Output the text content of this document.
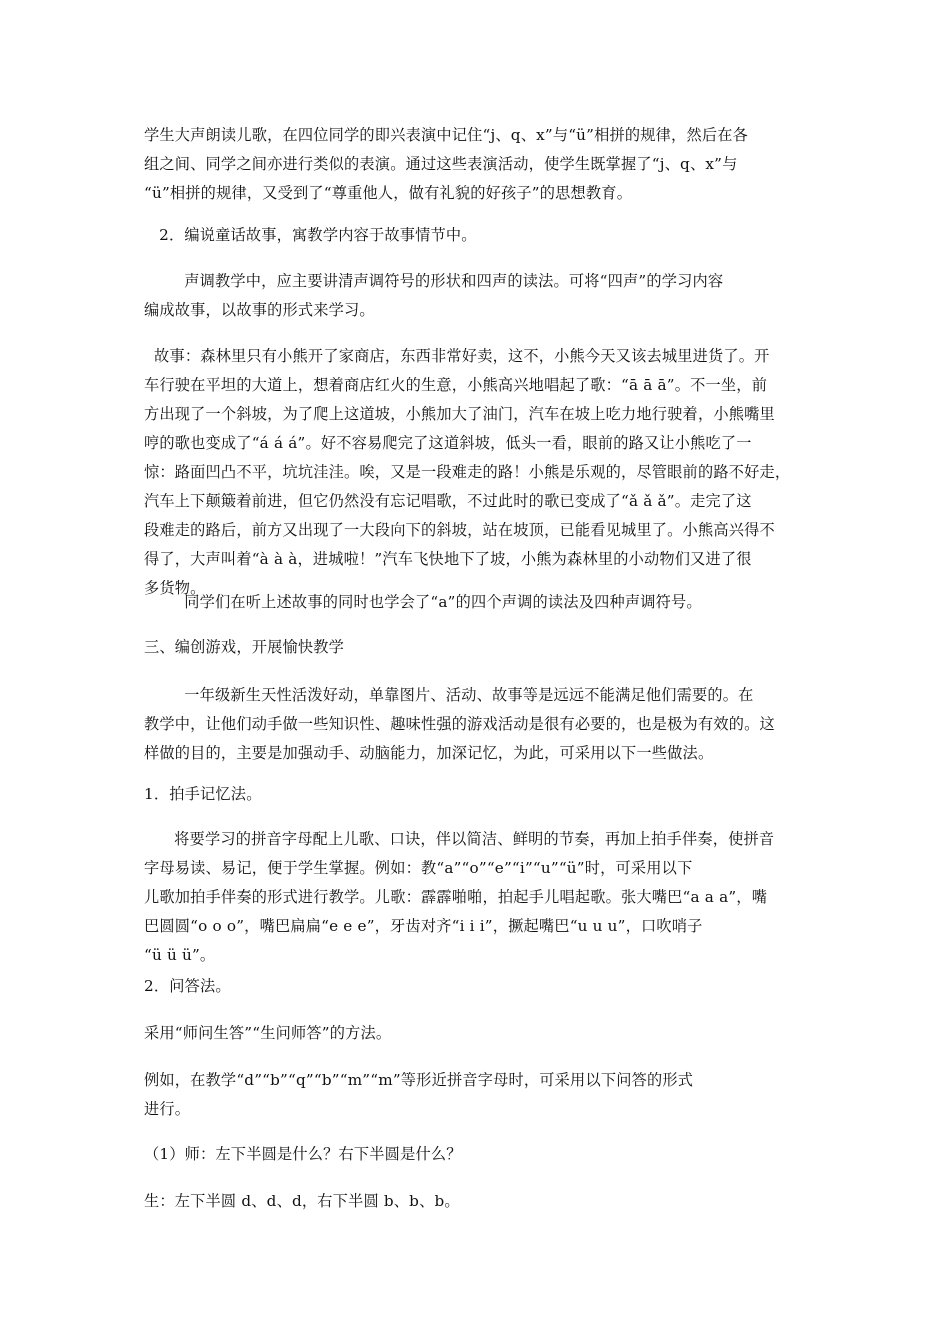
学生大声朗读儿歌，在四位同学的即兴表演中记住“j、q、x”与“ü”相拼的规律，然后在各
组之间、同学之间亦进行类似的表演。通过这些表演活动，使学生既掌握了“j、q、x”与
“ü”相拼的规律，又受到了“尊重他人，做有礼貌的好孩子”的思想教育。

2．编说童话故事，寓教学内容于故事情节中。

声调教学中，应主要讲清声调符号的形状和四声的读法。可将“四声”的学习内容
编成故事，以故事的形式来学习。

故事：森林里只有小熊开了家商店，东西非常好卖，这不，小熊今天又该去城里进货了。开
车行驶在平坦的大道上，想着商店红火的生意，小熊高兴地唱起了歌：“ā ā ā”。不一坐，前
方出现了一个斜坡，为了爬上这道坡，小熊加大了油门，汽车在坡上吃力地行驶着，小熊嘴里
哼的歌也变成了“á á á”。好不容易爬完了这道斜坡，低头一看，眼前的路又让小熊吃了一
惊：路面凹凸不平，坑坑洼洼。唉，又是一段难走的路！小熊是乐观的，尽管眼前的路不好走，
汽车上下颠簸着前进，但它仍然没有忘记唱歌，不过此时的歌已变成了“ǎ ǎ ǎ”。走完了这
段难走的路后，前方又出现了一大段向下的斜坡，站在坡顶，已能看见城里了。小熊高兴得不
得了，大声叫着“à à à，进城啦！”汽车飞快地下了坡，小熊为森林里的小动物们又进了很
多货物。

同学们在听上述故事的同时也学会了“a”的四个声调的读法及四种声调符号。

三、编创游戏，开展愉快教学

一年级新生天性活泼好动，单靠图片、活动、故事等是远远不能满足他们需要的。在
教学中，让他们动手做一些知识性、趣味性强的游戏活动是很有必要的，也是极为有效的。这
样做的目的，主要是加强动手、动脑能力，加深记忆，为此，可采用以下一些做法。

1．拍手记忆法。

将要学习的拼音字母配上儿歌、口诀，伴以简洁、鲜明的节奏，再加上拍手伴奏，使拼音
字母易读、易记，便于学生掌握。例如：教“a”“o”“e”“i”“u”“ü”时，可采用以下
儿歌加拍手伴奏的形式进行教学。儿歌：霹霹啪啪，拍起手儿唱起歌。张大嘴巴“a a a”，嘴
巴圆圆“o o o”，嘴巴扁扁“e e e”，牙齿对齐“i i i”，撅起嘴巴“u u u”，口吹哨子
“ü ü ü”。

2．问答法。

采用“师问生答”“生问师答”的方法。

例如，在教学“d”“b”“q”“b”“m”“m”等形近拼音字母时，可采用以下问答的形式
进行。

（1）师：左下半圆是什么？右下半圆是什么？

生：左下半圆 d、d、d，右下半圆 b、b、b。
